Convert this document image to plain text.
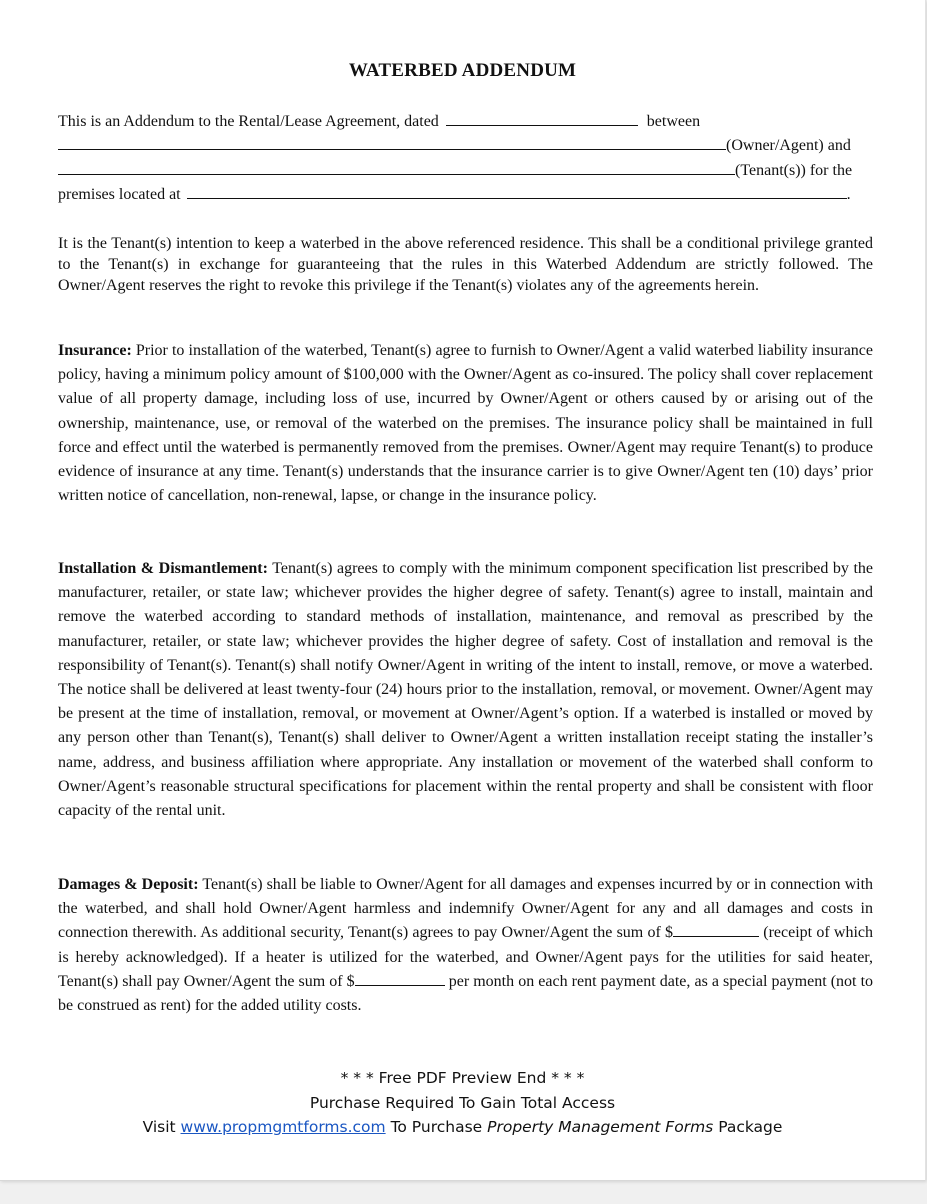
WATERBED ADDENDUM
This is an Addendum to the Rental/Lease Agreement, dated	between
(Owner/Agent) and
(Tenant(s)) for the
premises located at	.
It is the Tenant(s) intention to keep a waterbed in the above referenced residence. This shall be a conditional privilege granted to the Tenant(s) in exchange for guaranteeing that the rules in this Waterbed Addendum are strictly followed. The Owner/Agent reserves the right to revoke this privilege if the Tenant(s) violates any of the agreements herein.
Insurance: Prior to installation of the waterbed, Tenant(s) agree to furnish to Owner/Agent a valid waterbed liability insurance policy, having a minimum policy amount of $100,000 with the Owner/Agent as co-insured. The policy shall cover replacement value of all property damage, including loss of use, incurred by Owner/Agent or others caused by or arising out of the ownership, maintenance, use, or removal of the waterbed on the premises. The insurance policy shall be maintained in full force and effect until the waterbed is permanently removed from the premises. Owner/Agent may require Tenant(s) to produce evidence of insurance at any time. Tenant(s) understands that the insurance carrier is to give Owner/Agent ten (10) days’ prior written notice of cancellation, non-renewal, lapse, or change in the insurance policy.
Installation & Dismantlement: Tenant(s) agrees to comply with the minimum component specification list prescribed by the manufacturer, retailer, or state law; whichever provides the higher degree of safety. Tenant(s) agree to install, maintain and remove the waterbed according to standard methods of installation, maintenance, and removal as prescribed by the manufacturer, retailer, or state law; whichever provides the higher degree of safety. Cost of installation and removal is the responsibility of Tenant(s). Tenant(s) shall notify Owner/Agent in writing of the intent to install, remove, or move a waterbed. The notice shall be delivered at least twenty-four (24) hours prior to the installation, removal, or movement. Owner/Agent may be present at the time of installation, removal, or movement at Owner/Agent’s option. If a waterbed is installed or moved by any person other than Tenant(s), Tenant(s) shall deliver to Owner/Agent a written installation receipt stating the installer’s name, address, and business affiliation where appropriate. Any installation or movement of the waterbed shall conform to Owner/Agent’s reasonable structural specifications for placement within the rental property and shall be consistent with floor capacity of the rental unit.
Damages & Deposit: Tenant(s) shall be liable to Owner/Agent for all damages and expenses incurred by or in connection with the waterbed, and shall hold Owner/Agent harmless and indemnify Owner/Agent for any and all damages and costs in connection therewith. As additional security, Tenant(s) agrees to pay Owner/Agent the sum of $	(receipt of which is hereby acknowledged). If a heater is utilized for the waterbed, and Owner/Agent pays for the utilities for said heater, Tenant(s) shall pay Owner/Agent the sum of $	per month on each rent payment date, as a special payment (not to be construed as rent) for the added utility costs.
* * * Free PDF Preview End * * *
Purchase Required To Gain Total Access
Visit www.propmgmtforms.com To Purchase Property Management Forms Package
